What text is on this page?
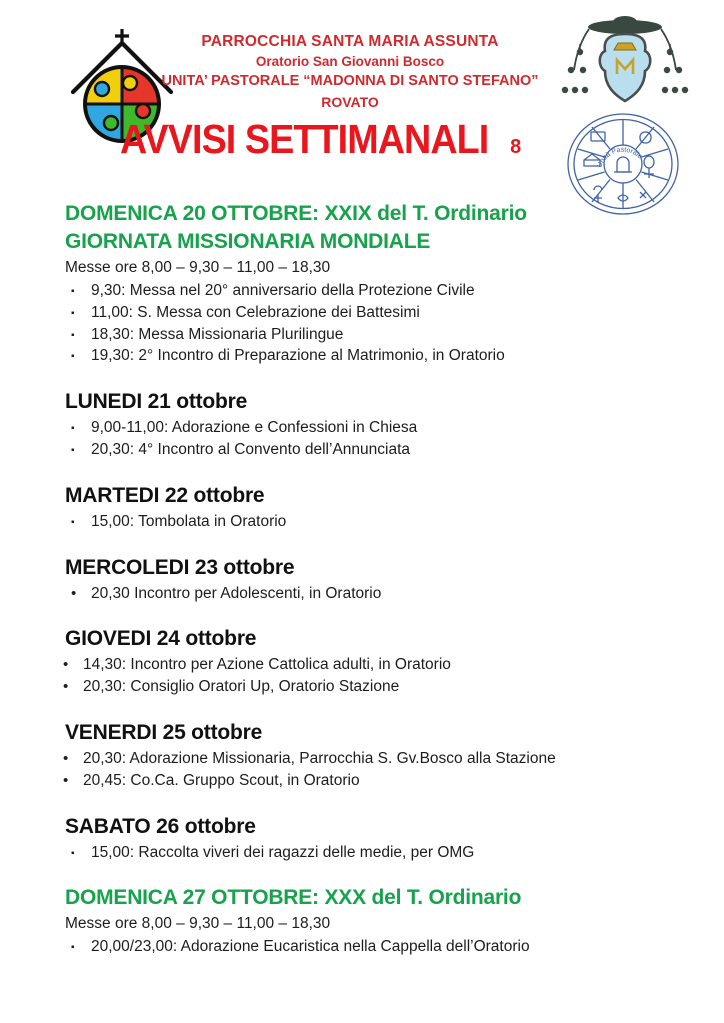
PARROCCHIA SANTA MARIA ASSUNTA
Oratorio San Giovanni Bosco
UNITA’ PASTORALE “MADONNA DI SANTO STEFANO”
ROVATO
AVVISI SETTIMANALI 8
Unità Pastorale
DOMENICA 20 OTTOBRE: XXIX del T. Ordinario
GIORNATA MISSIONARIA MONDIALE

Messe ore 8,00 – 9,30 – 11,00 – 18,30

▪ 9,30: Messa nel 20° anniversario della Protezione Civile
▪ 11,00: S. Messa con Celebrazione dei Battesimi
▪ 18,30: Messa Missionaria Plurilingue
▪ 19,30: 2° Incontro di Preparazione al Matrimonio, in Oratorio
LUNEDI 21 ottobre
▪ 9,00-11,00: Adorazione e Confessioni in Chiesa
▪ 20,30: 4° Incontro al Convento dell’Annunciata
MARTEDI 22 ottobre
▪ 15,00: Tombolata in Oratorio
MERCOLEDI 23 ottobre
• 20,30 Incontro per Adolescenti, in Oratorio
GIOVEDI 24 ottobre
• 14,30: Incontro per Azione Cattolica adulti, in Oratorio
• 20,30: Consiglio Oratori Up, Oratorio Stazione
VENERDI 25 ottobre
• 20,30: Adorazione Missionaria, Parrocchia S. Gv.Bosco alla Stazione
• 20,45: Co.Ca. Gruppo Scout, in Oratorio
SABATO 26 ottobre
▪ 15,00: Raccolta viveri dei ragazzi delle medie, per OMG
DOMENICA 27 OTTOBRE: XXX del T. Ordinario

Messe ore 8,00 – 9,30 – 11,00 – 18,30

▪ 20,00/23,00: Adorazione Eucaristica nella Cappella dell’Oratorio
